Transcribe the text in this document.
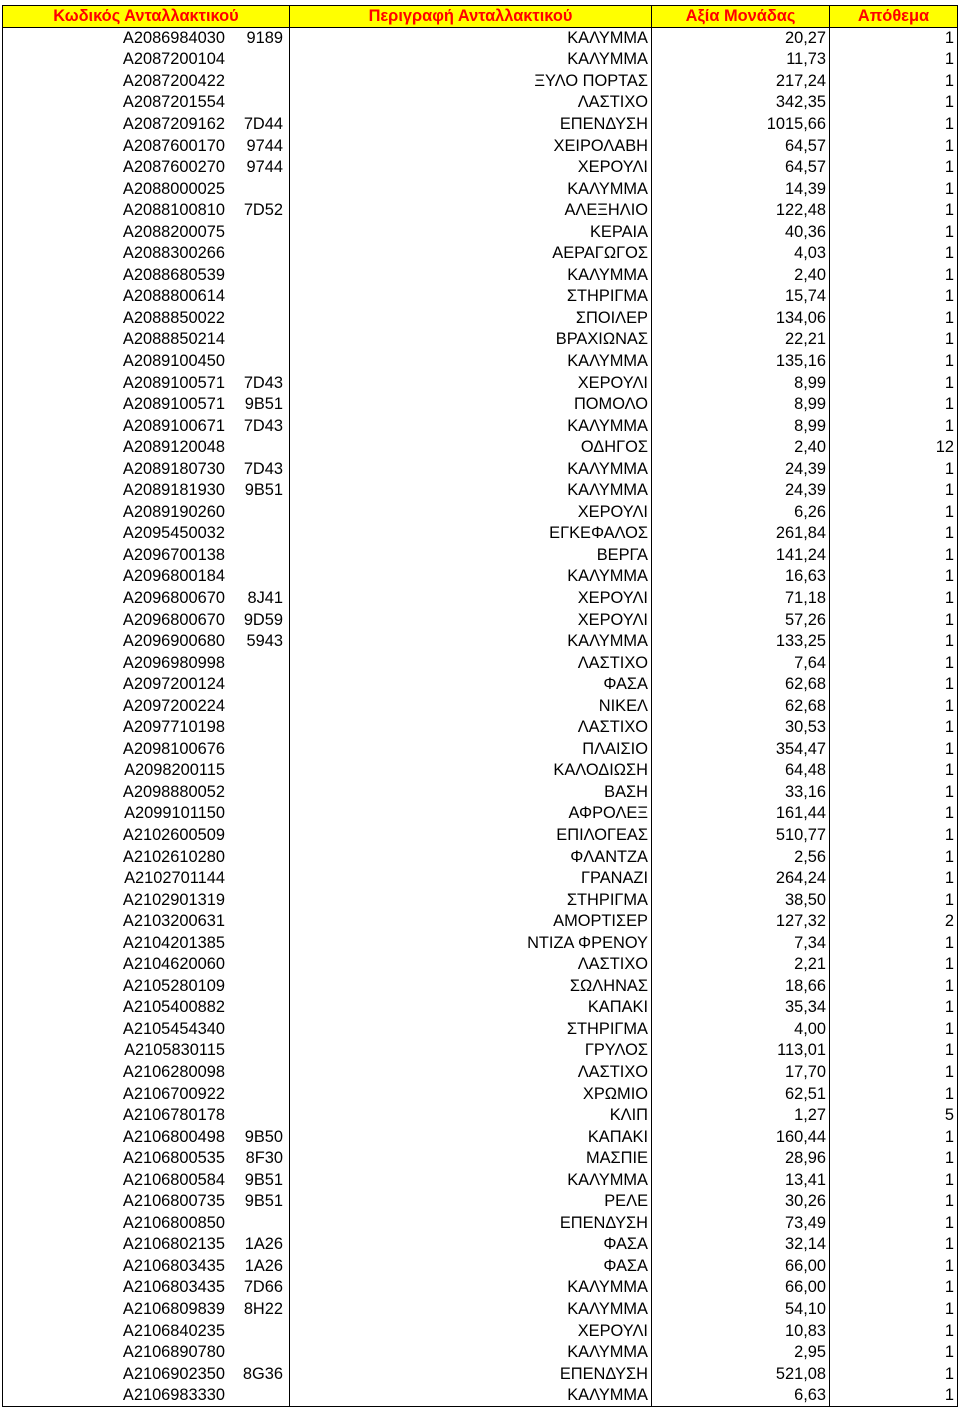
Κωδικός Ανταλλακτικού	Περιγραφή Ανταλλακτικού	Αξία Μονάδας	Απόθεμα
A2086984030 9189	ΚΑΛΥΜΜΑ	20,27	1
A2087200104	ΚΑΛΥΜΜΑ	11,73	1
A2087200422	ΞΥΛΟ ΠΟΡΤΑΣ	217,24	1
A2087201554	ΛΑΣΤΙΧΟ	342,35	1
A2087209162 7D44	ΕΠΕΝΔΥΣΗ	1015,66	1
A2087600170 9744	ΧΕΙΡΟΛΑΒΗ	64,57	1
A2087600270 9744	ΧΕΡΟΥΛΙ	64,57	1
A2088000025	ΚΑΛΥΜΜΑ	14,39	1
A2088100810 7D52	ΑΛΕΞΗΛΙΟ	122,48	1
A2088200075	ΚΕΡΑΙΑ	40,36	1
A2088300266	ΑΕΡΑΓΩΓΟΣ	4,03	1
A2088680539	ΚΑΛΥΜΜΑ	2,40	1
A2088800614	ΣΤΗΡΙΓΜΑ	15,74	1
A2088850022	ΣΠΟΙΛΕΡ	134,06	1
A2088850214	ΒΡΑΧΙΩΝΑΣ	22,21	1
A2089100450	ΚΑΛΥΜΜΑ	135,16	1
A2089100571 7D43	ΧΕΡΟΥΛΙ	8,99	1
A2089100571 9B51	ΠΟΜΟΛΟ	8,99	1
A2089100671 7D43	ΚΑΛΥΜΜΑ	8,99	1
A2089120048	ΟΔΗΓΟΣ	2,40	12
A2089180730 7D43	ΚΑΛΥΜΜΑ	24,39	1
A2089181930 9B51	ΚΑΛΥΜΜΑ	24,39	1
A2089190260	ΧΕΡΟΥΛΙ	6,26	1
A2095450032	ΕΓΚΕΦΑΛΟΣ	261,84	1
A2096700138	ΒΕΡΓΑ	141,24	1
A2096800184	ΚΑΛΥΜΜΑ	16,63	1
A2096800670 8J41	ΧΕΡΟΥΛΙ	71,18	1
A2096800670 9D59	ΧΕΡΟΥΛΙ	57,26	1
A2096900680 5943	ΚΑΛΥΜΜΑ	133,25	1
A2096980998	ΛΑΣΤΙΧΟ	7,64	1
A2097200124	ΦΑΣΑ	62,68	1
A2097200224	ΝΙΚΕΛ	62,68	1
A2097710198	ΛΑΣΤΙΧΟ	30,53	1
A2098100676	ΠΛΑΙΣΙΟ	354,47	1
A2098200115	ΚΑΛΟΔΙΩΣΗ	64,48	1
A2098880052	ΒΑΣΗ	33,16	1
A2099101150	ΑΦΡΟΛΕΞ	161,44	1
A2102600509	ΕΠΙΛΟΓΕΑΣ	510,77	1
A2102610280	ΦΛΑΝΤΖΑ	2,56	1
A2102701144	ΓΡΑΝΑΖΙ	264,24	1
A2102901319	ΣΤΗΡΙΓΜΑ	38,50	1
A2103200631	ΑΜΟΡΤΙΣΕΡ	127,32	2
A2104201385	ΝΤΙΖΑ ΦΡΕΝΟΥ	7,34	1
A2104620060	ΛΑΣΤΙΧΟ	2,21	1
A2105280109	ΣΩΛΗΝΑΣ	18,66	1
A2105400882	ΚΑΠΑΚΙ	35,34	1
A2105454340	ΣΤΗΡΙΓΜΑ	4,00	1
A2105830115	ΓΡΥΛΟΣ	113,01	1
A2106280098	ΛΑΣΤΙΧΟ	17,70	1
A2106700922	ΧΡΩΜΙΟ	62,51	1
A2106780178	ΚΛΙΠ	1,27	5
A2106800498 9B50	ΚΑΠΑΚΙ	160,44	1
A2106800535 8F30	ΜΑΣΠΙΕ	28,96	1
A2106800584 9B51	ΚΑΛΥΜΜΑ	13,41	1
A2106800735 9B51	ΡΕΛΕ	30,26	1
A2106800850	ΕΠΕΝΔΥΣΗ	73,49	1
A2106802135 1A26	ΦΑΣΑ	32,14	1
A2106803435 1A26	ΦΑΣΑ	66,00	1
A2106803435 7D66	ΚΑΛΥΜΜΑ	66,00	1
A2106809839 8H22	ΚΑΛΥΜΜΑ	54,10	1
A2106840235	ΧΕΡΟΥΛΙ	10,83	1
A2106890780	ΚΑΛΥΜΜΑ	2,95	1
A2106902350 8G36	ΕΠΕΝΔΥΣΗ	521,08	1
A2106983330	ΚΑΛΥΜΜΑ	6,63	1
